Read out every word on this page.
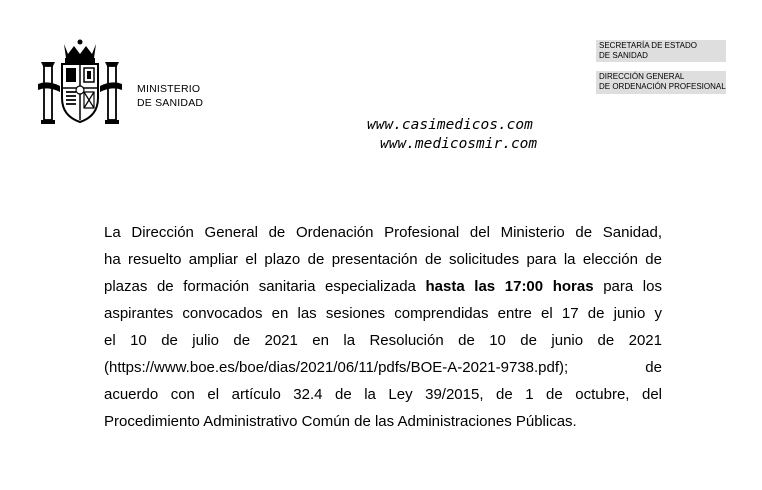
MINISTERIO
DE SANIDAD
SECRETARÍA DE ESTADO
DE SANIDAD
DIRECCIÓN GENERAL
DE ORDENACIÓN PROFESIONAL
www.casimedicos.com
www.medicosmir.com
La Dirección General de Ordenación Profesional del Ministerio de Sanidad,
ha resuelto ampliar el plazo de presentación de solicitudes para la elección de
plazas de formación sanitaria especializada hasta las 17:00 horas para los
aspirantes convocados en las sesiones comprendidas entre el 17 de junio y
el 10 de julio de 2021 en la Resolución de 10 de junio de 2021
(https://www.boe.es/boe/dias/2021/06/11/pdfs/BOE-A-2021-9738.pdf); de
acuerdo con el artículo 32.4 de la Ley 39/2015, de 1 de octubre, del
Procedimiento Administrativo Común de las Administraciones Públicas.
